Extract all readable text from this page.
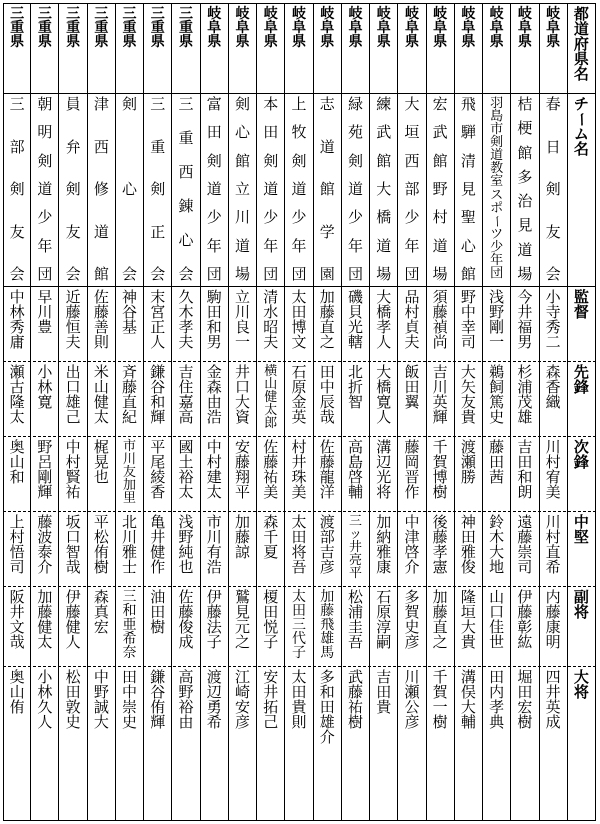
都
道
府
県
名
チ
ー
ム
名
監
督
先
鋒
次
鋒
中
堅
副
将
大
将
岐
阜
県
春
日
剣
友
会
小
寺
秀
二
森
香
織
川
村
宥
美
川
村
直
希
内
藤
康
明
四
井
英
成
岐
阜
県
桔
梗
館
多
治
見
道
場
今
井
福
男
杉
浦
茂
雄
吉
田
和
朗
遠
藤
崇
司
伊
藤
彰
紘
堀
田
宏
樹
岐
阜
県
羽
島
市
剣
道
教
室
ス
ポ
ー
ツ
少
年
団
浅
野
剛
一
鵜
飼
篤
史
藤
田
茜
鈴
木
大
地
山
口
佳
世
田
内
孝
典
岐
阜
県
飛
騨
清
見
聖
心
館
野
中
幸
司
大
矢
友
貴
渡
瀬
勝
神
田
雅
俊
隆
垣
大
貴
溝
俣
大
輔
岐
阜
県
宏
武
館
野
村
道
場
須
藤
禎
尚
吉
川
英
輝
千
賀
博
樹
後
藤
孝
憲
加
藤
直
之
千
賀
一
樹
岐
阜
県
大
垣
西
部
少
年
団
品
村
貞
夫
飯
田
翼
藤
岡
晋
作
中
津
啓
介
多
賀
史
彦
川
瀬
公
彦
岐
阜
県
練
武
館
大
橋
道
場
大
橋
孝
人
大
橋
寛
人
溝
辺
光
将
加
納
雅
康
石
原
淳
嗣
吉
田
貴
岐
阜
県
緑
苑
剣
道
少
年
団
磯
貝
光
轄
北
折
智
高
島
啓
輔
三
ッ
井
亮
平
松
浦
圭
吾
武
藤
祐
樹
岐
阜
県
志
道
館
学
園
加
藤
直
之
田
中
辰
哉
佐
藤
龍
洋
渡
部
吉
彦
加
藤
飛
雄
馬
多
和
田
雄
介
岐
阜
県
上
牧
剣
道
少
年
団
太
田
博
文
石
原
金
英
村
井
珠
美
太
田
将
吾
太
田
三
代
子
太
田
貴
則
岐
阜
県
本
田
剣
道
少
年
団
清
水
昭
夫
横
山
健
太
郎
佐
藤
祐
美
森
千
夏
榎
田
悦
子
安
井
拓
己
岐
阜
県
剣
心
館
立
川
道
場
立
川
良
一
井
口
大
資
安
藤
翔
平
加
藤
諒
鷲
見
元
之
江
崎
安
彦
岐
阜
県
富
田
剣
道
少
年
団
駒
田
和
男
金
森
由
浩
中
村
建
太
市
川
有
浩
伊
藤
法
子
渡
辺
勇
希
三
重
県
三
重
西
錬
心
会
久
木
孝
夫
吉
住
嘉
高
國
土
裕
太
浅
野
純
也
佐
藤
俊
成
高
野
裕
由
三
重
県
三
重
剣
正
会
末
宮
正
人
鎌
谷
和
輝
平
尾
綾
香
亀
井
健
作
油
田
樹
鎌
谷
侑
輝
三
重
県
剣
心
会
神
谷
基
斉
藤
直
紀
市
川
友
加
里
北
川
雅
士
三
和
亜
希
奈
田
中
崇
史
三
重
県
津
西
修
道
館
佐
藤
善
則
米
山
健
太
梶
晃
也
平
松
侑
樹
森
真
宏
中
野
誠
大
三
重
県
員
弁
剣
友
会
近
藤
恒
夫
出
口
雄
己
中
村
賢
祐
坂
口
智
哉
伊
藤
健
人
松
田
敦
史
三
重
県
朝
明
剣
道
少
年
団
早
川
豊
小
林
寛
野
呂
剛
輝
藤
波
泰
介
加
藤
健
太
小
林
久
人
三
重
県
三
部
剣
友
会
中
林
秀
庸
瀬
古
隆
太
奥
山
和
上
村
悟
司
阪
井
文
哉
奥
山
侑
